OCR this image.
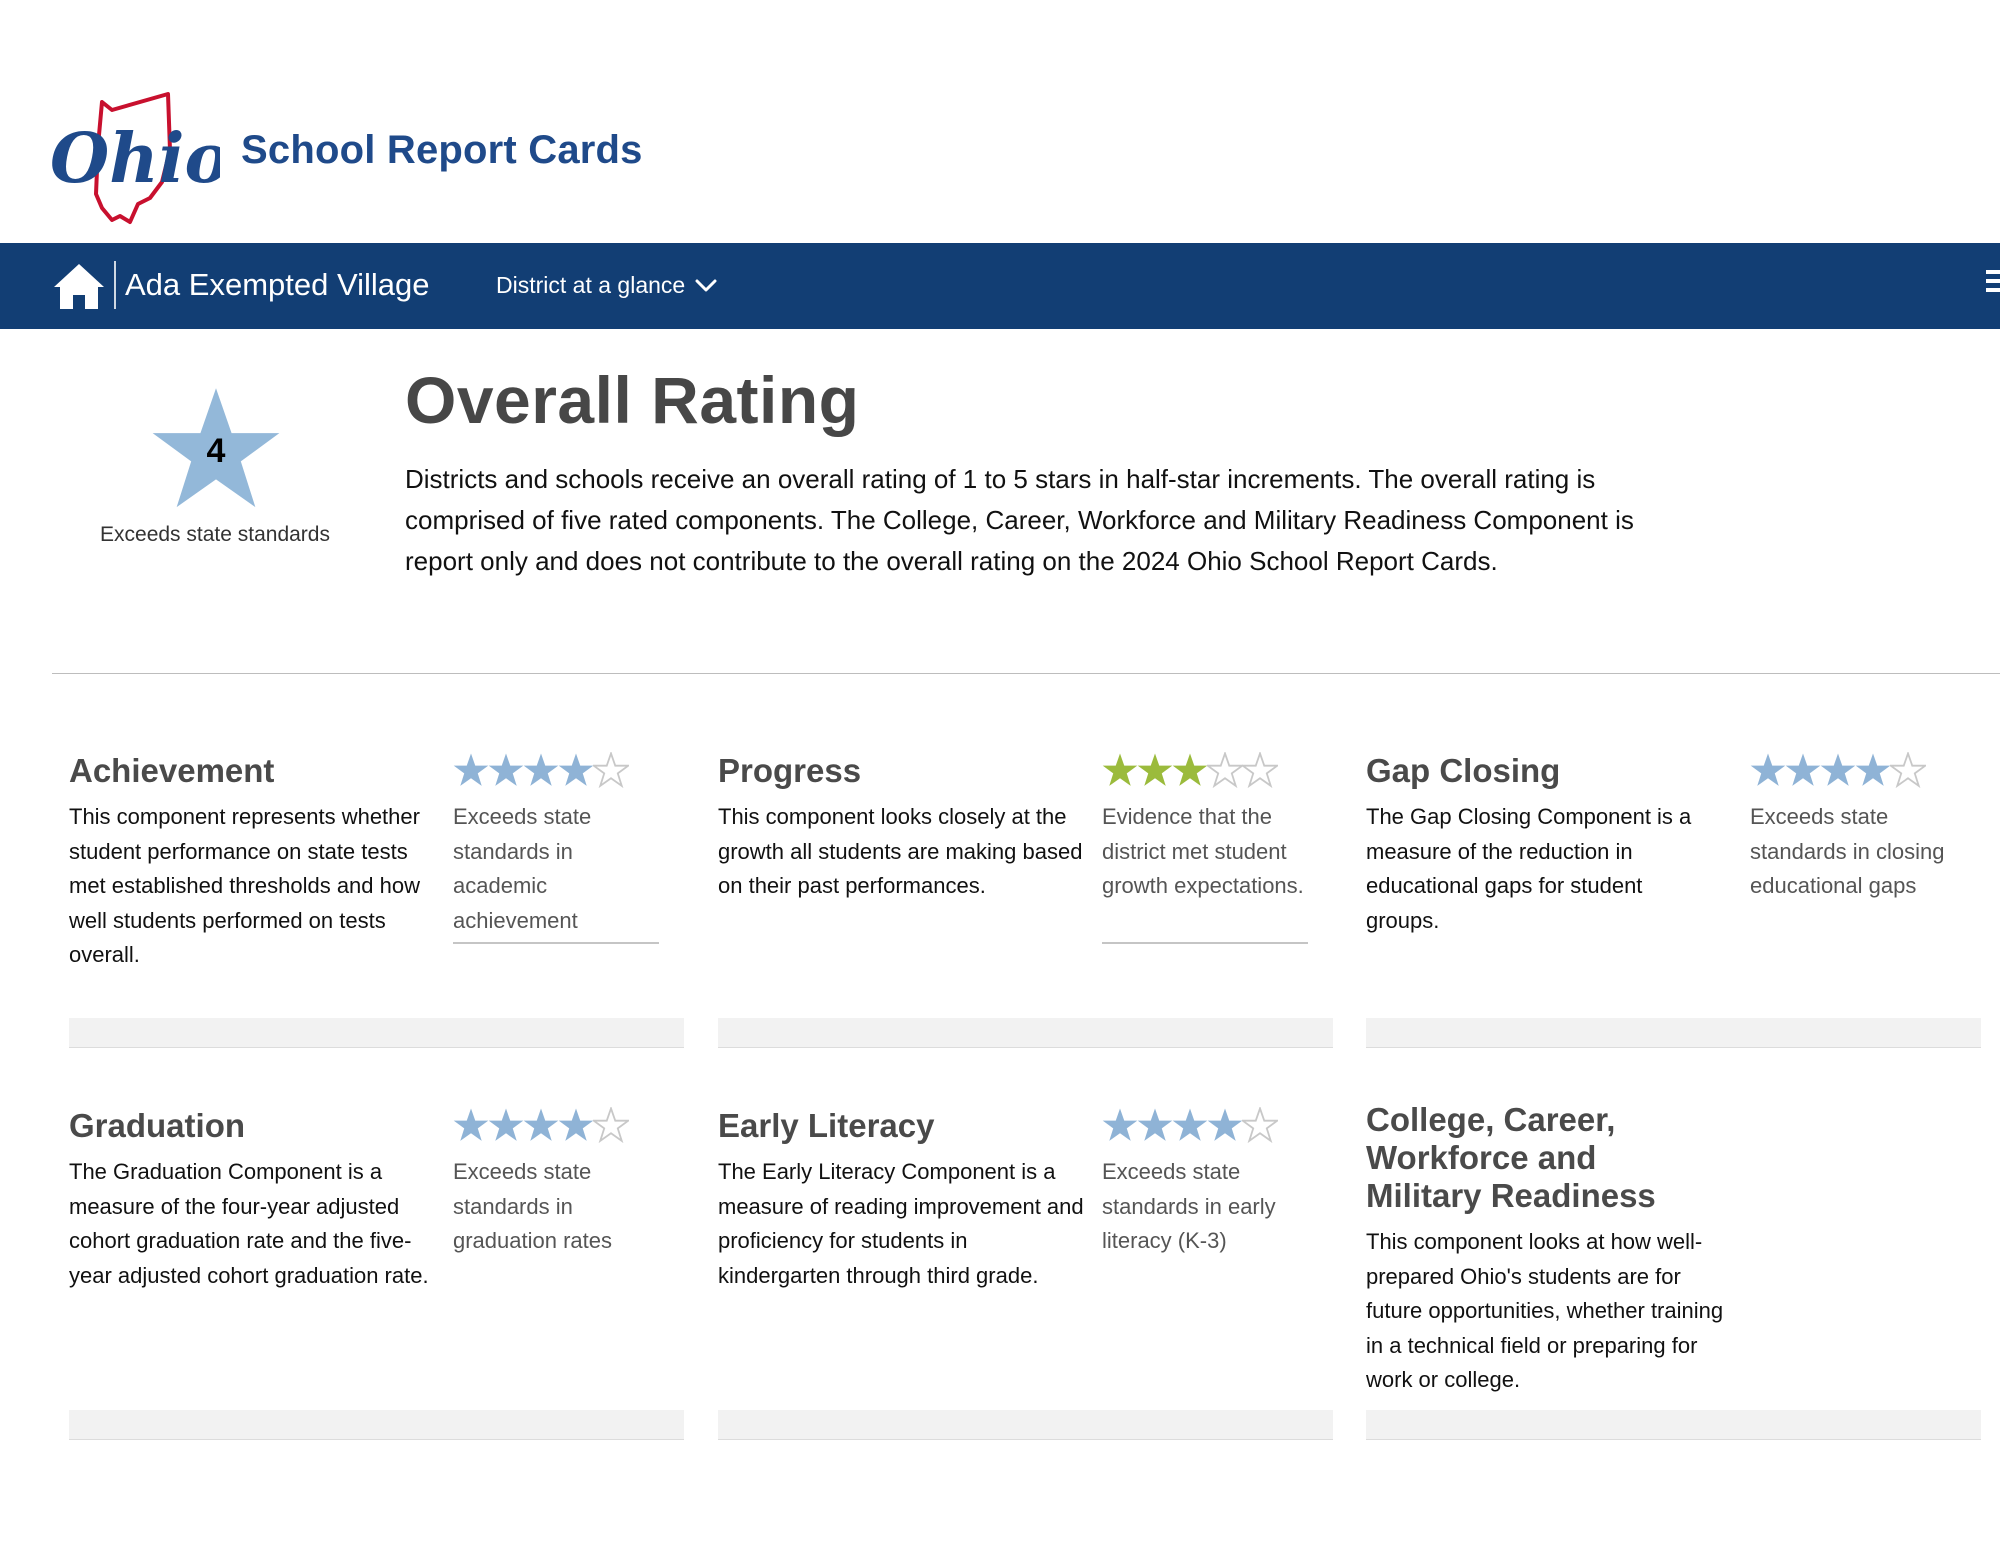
Ohio School Report Cards
Ada Exempted Village	District at a glance
4
Exceeds state standards
Overall Rating
Districts and schools receive an overall rating of 1 to 5 stars in half-star increments. The overall rating is comprised of five rated components. The College, Career, Workforce and Military Readiness Component is report only and does not contribute to the overall rating on the 2024 Ohio School Report Cards.
Achievement
This component represents whether student performance on state tests met established thresholds and how well students performed on tests overall.
Exceeds state standards in academic achievement
Progress
This component looks closely at the growth all students are making based on their past performances.
Evidence that the district met student growth expectations.
Gap Closing
The Gap Closing Component is a measure of the reduction in educational gaps for student groups.
Exceeds state standards in closing educational gaps
Graduation
The Graduation Component is a measure of the four-year adjusted cohort graduation rate and the five-year adjusted cohort graduation rate.
Exceeds state standards in graduation rates
Early Literacy
The Early Literacy Component is a measure of reading improvement and proficiency for students in kindergarten through third grade.
Exceeds state standards in early literacy (K-3)
College, Career, Workforce and Military Readiness
This component looks at how well-prepared Ohio's students are for future opportunities, whether training in a technical field or preparing for work or college.
